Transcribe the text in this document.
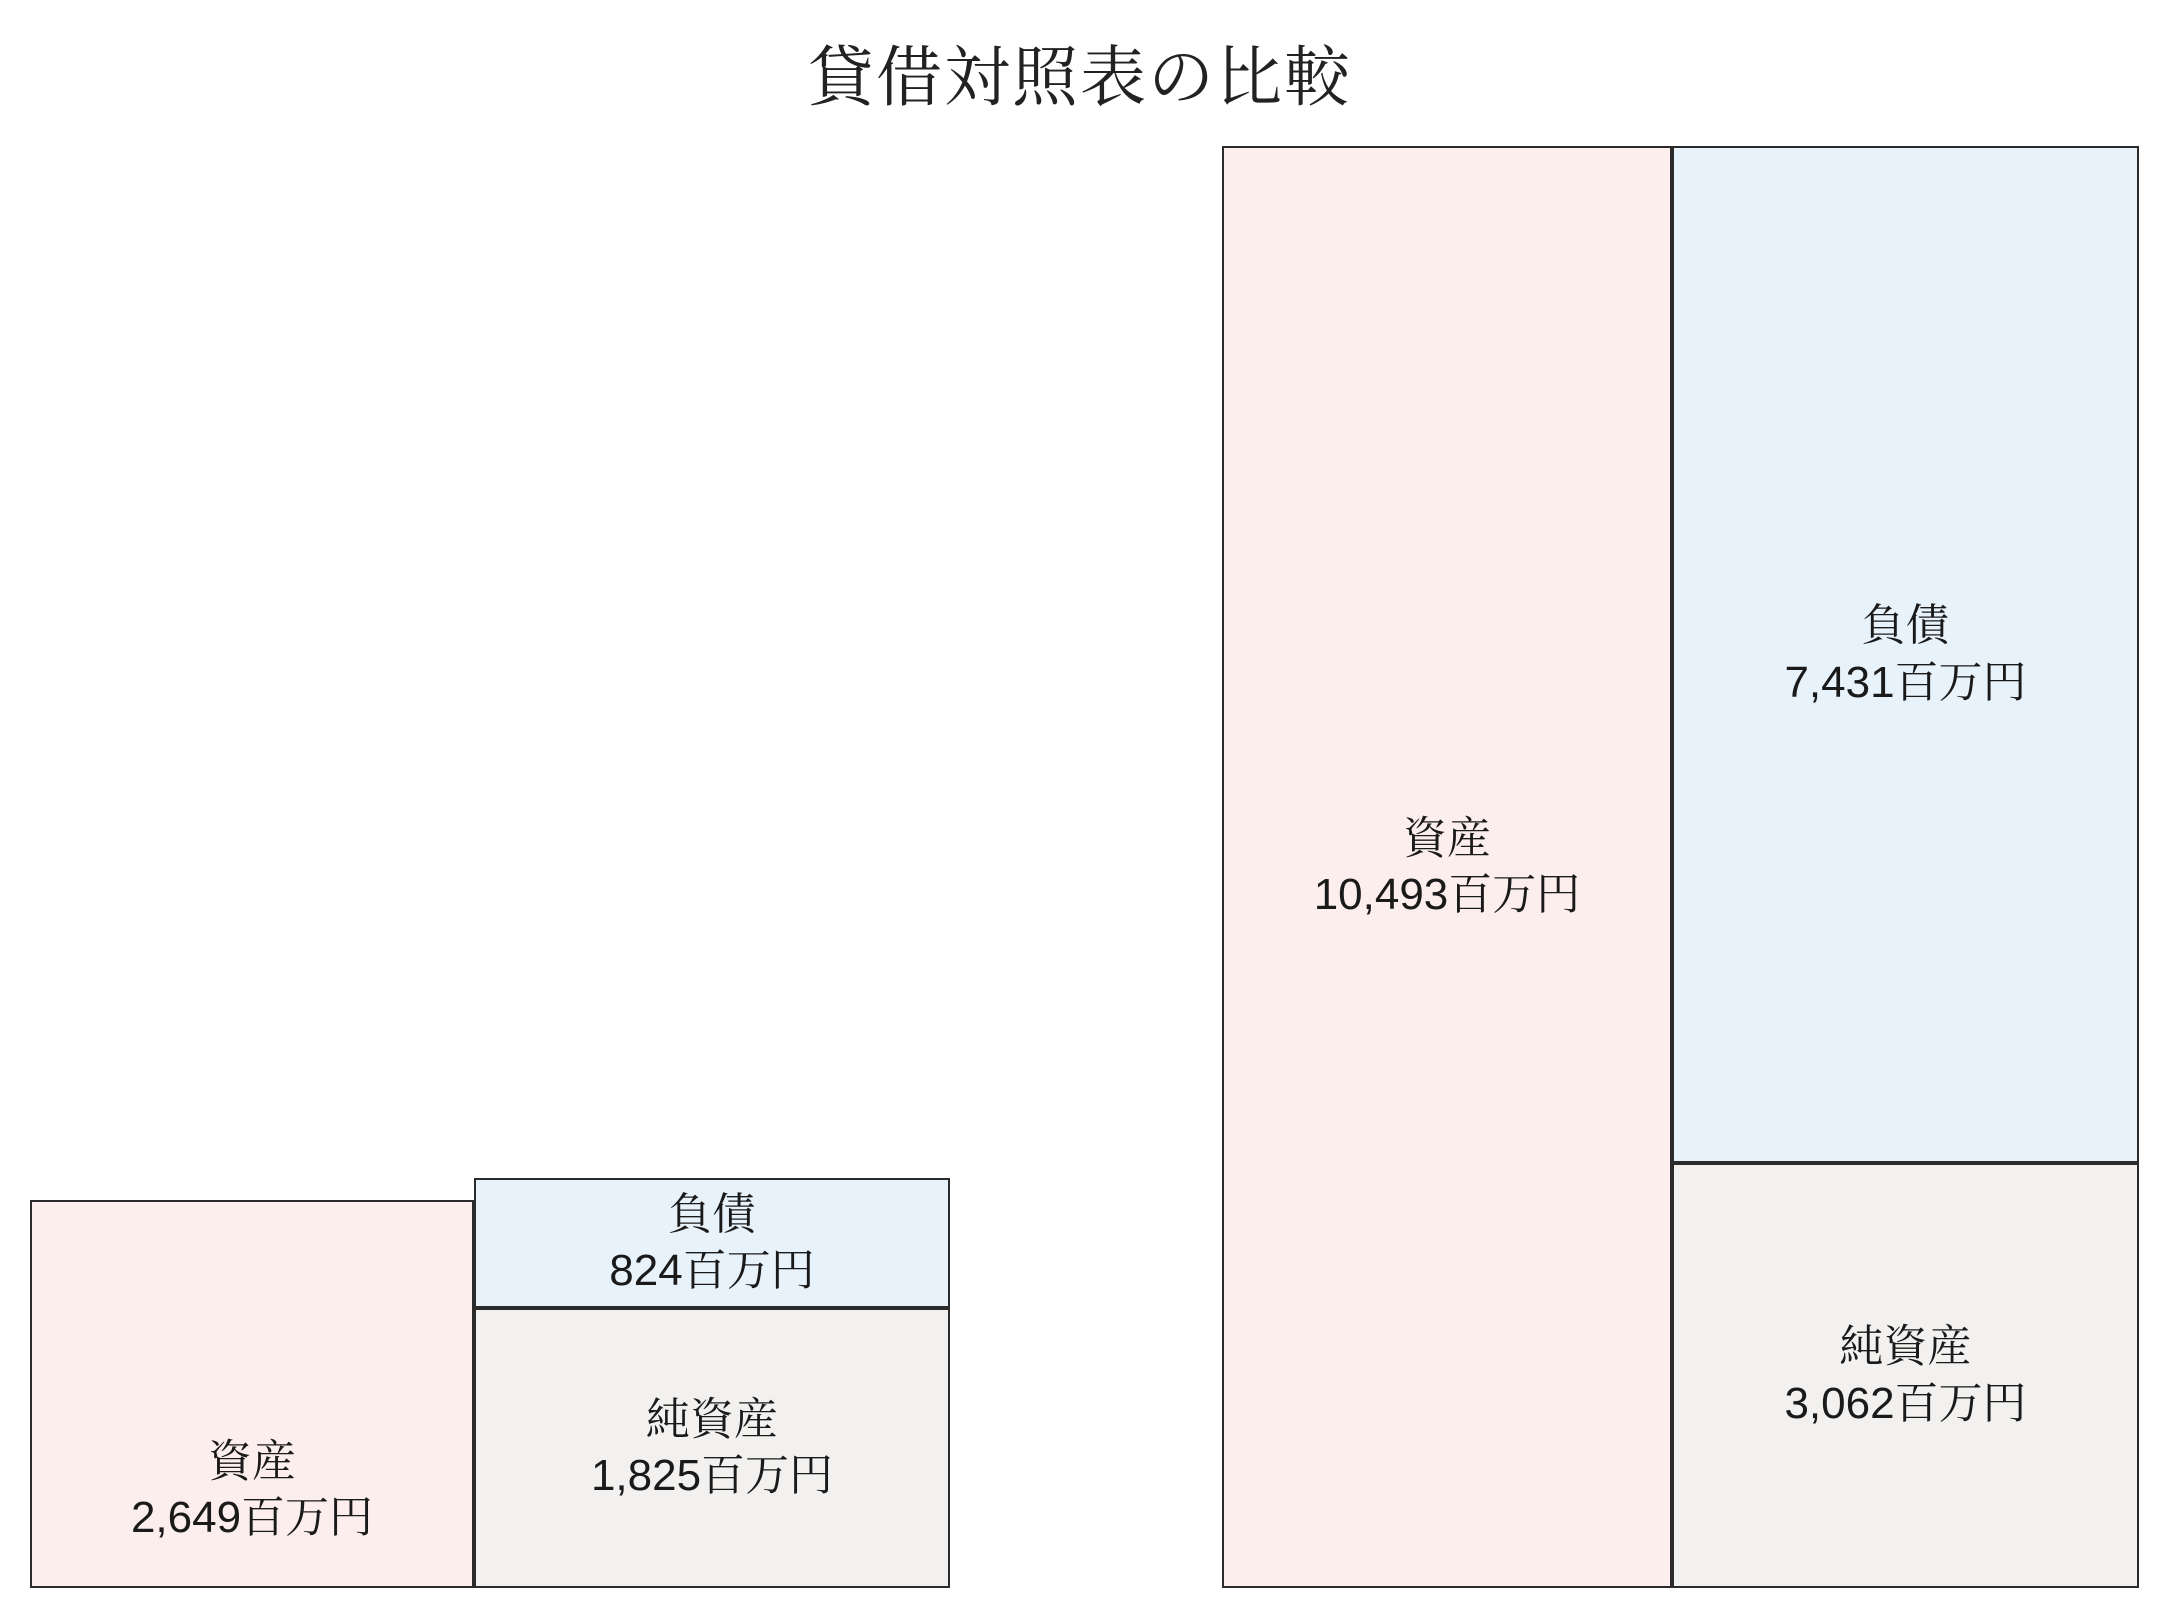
貸借対照表の比較
資産
2,649百万円
負債
824百万円
純資産
1,825百万円
資産
10,493百万円
負債
7,431百万円
純資産
3,062百万円
